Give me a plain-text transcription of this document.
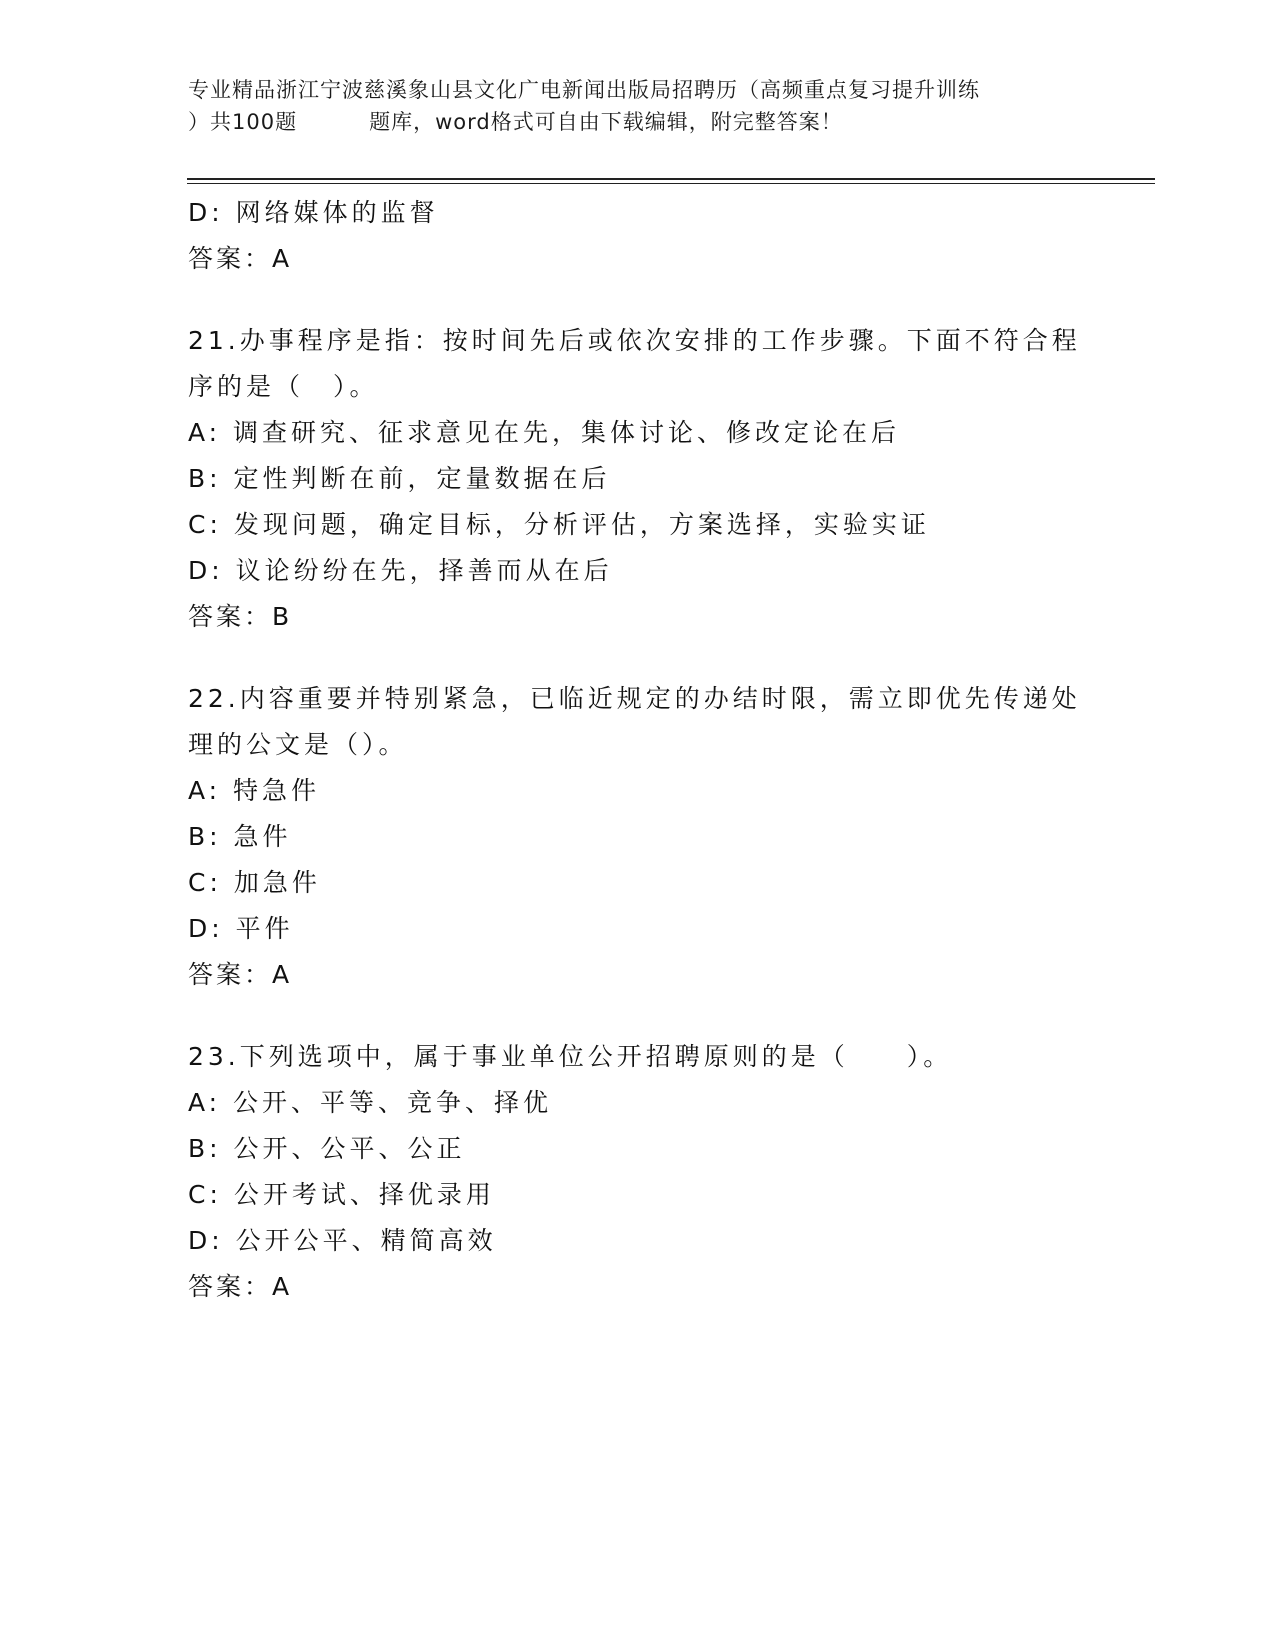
专业精品浙江宁波慈溪象山县文化广电新闻出版局招聘历（高频重点复习提升训练
）共100题	题库，word格式可自由下载编辑，附完整答案！
D: 网络媒体的监督
答案：A
21.办事程序是指：按时间先后或依次安排的工作步骤。下面不符合程
序的是（　）。
A: 调查研究、征求意见在先，集体讨论、修改定论在后
B: 定性判断在前，定量数据在后
C: 发现问题，确定目标，分析评估，方案选择，实验实证
D: 议论纷纷在先，择善而从在后
答案：B
22.内容重要并特别紧急，已临近规定的办结时限，需立即优先传递处
理的公文是（）。
A: 特急件
B: 急件
C: 加急件
D: 平件
答案：A
23.下列选项中，属于事业单位公开招聘原则的是（　　）。
A: 公开、平等、竞争、择优
B: 公开、公平、公正
C: 公开考试、择优录用
D: 公开公平、精简高效
答案：A
